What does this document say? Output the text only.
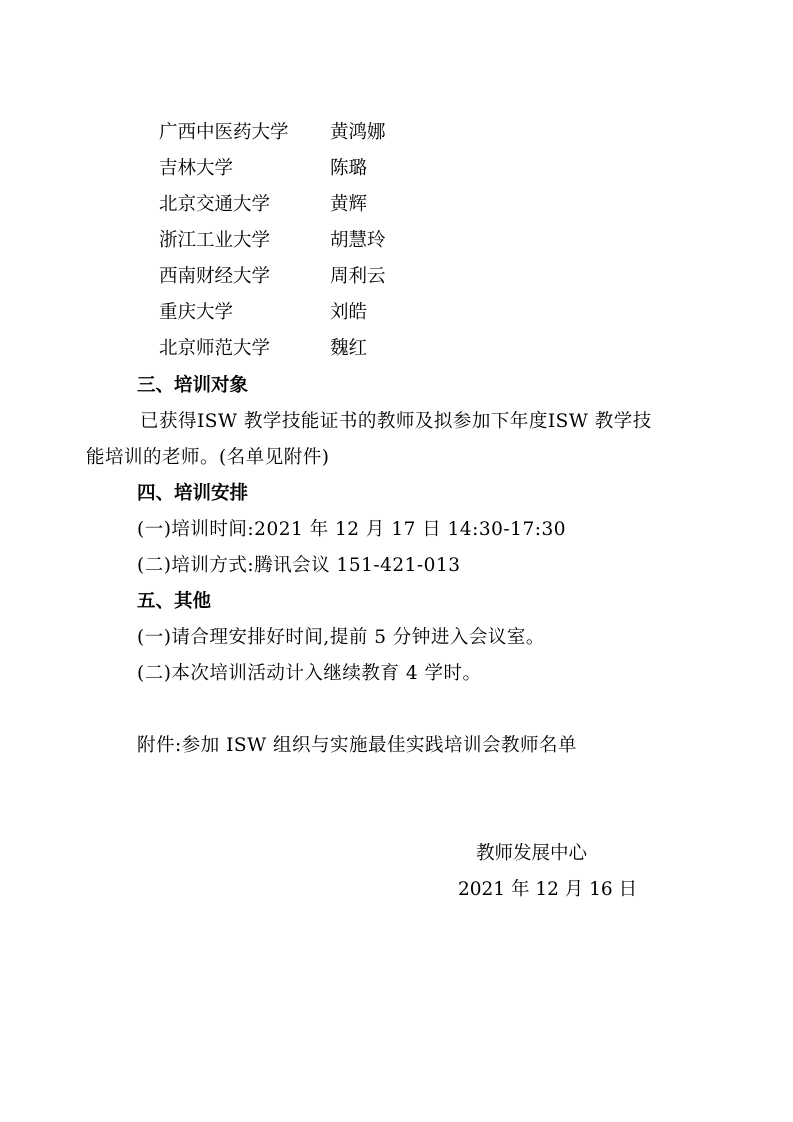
广西中医药大学 黄鸿娜
吉林大学	陈璐
北京交通大学	黄辉
浙江工业大学	胡慧玲
西南财经大学	周利云
重庆大学	刘皓
北京师范大学	魏红
三、培训对象
已获得ISW 教学技能证书的教师及拟参加下年度ISW 教学技
能培训的老师。(名单见附件)
四、培训安排
(一)培训时间:2021 年 12 月 17 日 14:30-17:30
(二)培训方式:腾讯会议 151-421-013
五、其他
(一)请合理安排好时间,提前 5 分钟进入会议室。
(二)本次培训活动计入继续教育 4 学时。
附件:参加 ISW 组织与实施最佳实践培训会教师名单
教师发展中心
2021 年 12 月 16 日
